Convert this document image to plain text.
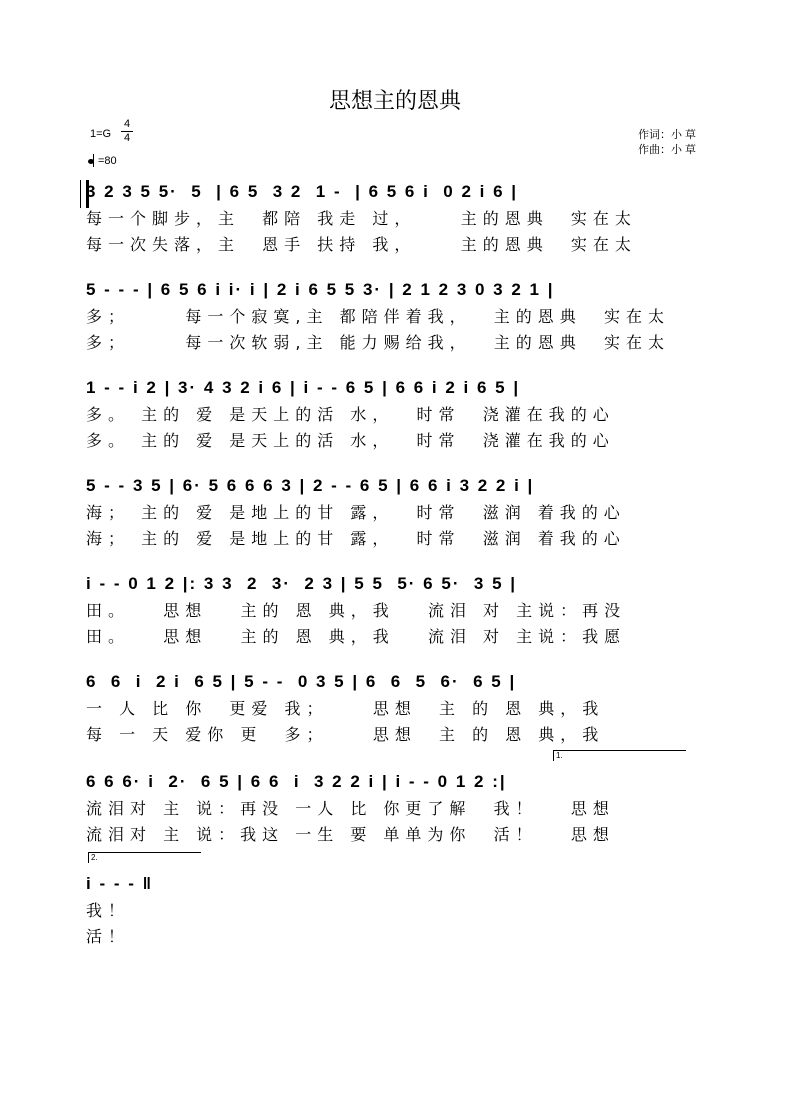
思想主的恩典
1=G
4
4
=80
作词：小 草
作曲：小 草

3 2 3 5 5·  5  | 6 5  3 2  1 -  | 6 5 6 i  0 2 i 6 |

每一个脚步，主  都陪 我走 过，    主的恩典  实在太
每一次失落，主  恩手 扶持 我，    主的恩典  实在太
5 - - - | 6 5 6 i i· i | 2 i 6 5 5 3· | 2 1 2 3 0 3 2 1 |
多；     每一个寂寞,主 都陪伴着我，  主的恩典  实在太
多；     每一次软弱,主 能力赐给我，  主的恩典  实在太
1 - - i 2 | 3· 4 3 2 i 6 | i - - 6 5 | 6 6 i 2 i 6 5 |
多。 主的 爱 是天上的活 水，  时常  浇灌在我的心
多。 主的 爱 是天上的活 水，  时常  浇灌在我的心
5 - - 3 5 | 6· 5 6 6 6 3 | 2 - - 6 5 | 6 6 i 3 2 2 i |
海； 主的 爱 是地上的甘 露，  时常  滋润 着我的心
海； 主的 爱 是地上的甘 露，  时常  滋润 着我的心
i - - 0 1 2 |: 3 3  2  3·  2 3 | 5 5  5· 6 5·  3 5 |
田。   思想   主的 恩 典，我   流泪 对 主说：再没
田。   思想   主的 恩 典，我   流泪 对 主说：我愿
6  6  i  2 i  6 5 | 5 - -  0 3 5 | 6  6  5  6·  6 5 |
一 人 比 你  更爱 我；    思想  主 的 恩 典，我
每 一 天 爱你 更  多；    思想  主 的 恩 典，我
1.
6 6 6· i  2·  6 5 | 6 6  i  3 2 2 i | i - - 0 1 2 :|
流泪对 主 说：再没 一人 比 你更了解  我！   思想
流泪对 主 说：我这 一生 要 单单为你  活！   思想
2.
i - - - ‖
我！
活！
